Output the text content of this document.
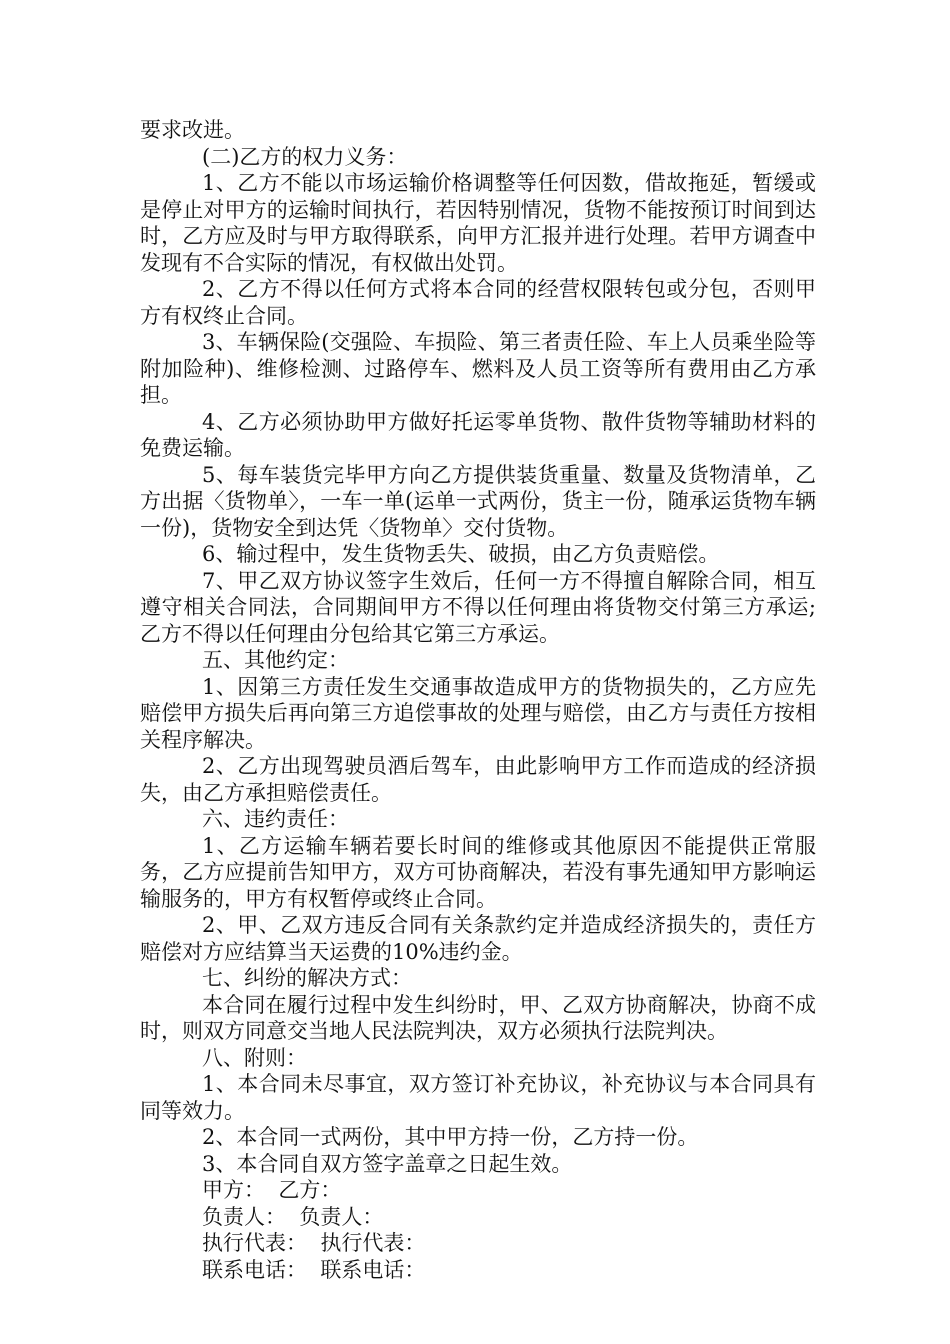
要求改进。

(二)乙方的权力义务：

1、乙方不能以市场运输价格调整等任何因数，借故拖延，暂缓或是停止对甲方的运输时间执行，若因特别情况，货物不能按预订时间到达时，乙方应及时与甲方取得联系，向甲方汇报并进行处理。若甲方调查中发现有不合实际的情况，有权做出处罚。

2、乙方不得以任何方式将本合同的经营权限转包或分包，否则甲方有权终止合同。

3、车辆保险(交强险、车损险、第三者责任险、车上人员乘坐险等附加险种)、维修检测、过路停车、燃料及人员工资等所有费用由乙方承担。

4、乙方必须协助甲方做好托运零单货物、散件货物等辅助材料的免费运输。

5、每车装货完毕甲方向乙方提供装货重量、数量及货物清单，乙方出据〈货物单〉，一车一单(运单一式两份，货主一份，随承运货物车辆一份)，货物安全到达凭〈货物单〉交付货物。

6、输过程中，发生货物丢失、破损，由乙方负责赔偿。

7、甲乙双方协议签字生效后，任何一方不得擅自解除合同，相互遵守相关合同法，合同期间甲方不得以任何理由将货物交付第三方承运;乙方不得以任何理由分包给其它第三方承运。

五、其他约定：

1、因第三方责任发生交通事故造成甲方的货物损失的，乙方应先赔偿甲方损失后再向第三方追偿事故的处理与赔偿，由乙方与责任方按相关程序解决。

2、乙方出现驾驶员酒后驾车，由此影响甲方工作而造成的经济损失，由乙方承担赔偿责任。

六、违约责任：

1、乙方运输车辆若要长时间的维修或其他原因不能提供正常服务，乙方应提前告知甲方，双方可协商解决，若没有事先通知甲方影响运输服务的，甲方有权暂停或终止合同。

2、甲、乙双方违反合同有关条款约定并造成经济损失的，责任方赔偿对方应结算当天运费的10%违约金。

七、纠纷的解决方式：

本合同在履行过程中发生纠纷时，甲、乙双方协商解决，协商不成时，则双方同意交当地人民法院判决，双方必须执行法院判决。

八、附则：

1、本合同未尽事宜，双方签订补充协议，补充协议与本合同具有同等效力。

2、本合同一式两份，其中甲方持一份，乙方持一份。

3、本合同自双方签字盖章之日起生效。

甲方：  乙方：

负责人：  负责人：

执行代表：  执行代表：

联系电话：  联系电话：
